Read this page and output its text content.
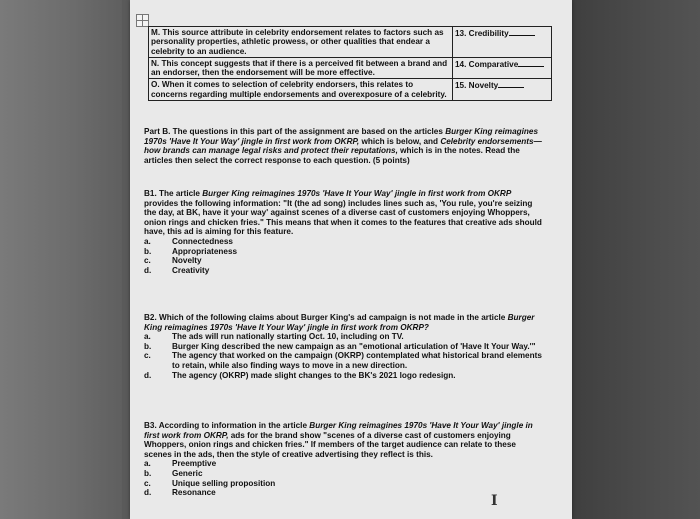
M. This source attribute in celebrity endorsement relates to factors such as personality properties, athletic prowess, or other qualities that endear a celebrity to an audience.	13. Credibility
N. This concept suggests that if there is a perceived fit between a brand and an endorser, then the endorsement will be more effective.	14. Comparative
O. When it comes to selection of celebrity endorsers, this relates to concerns regarding multiple endorsements and overexposure of a celebrity.	15. Novelty

Part B. The questions in this part of the assignment are based on the articles Burger King reimagines 1970s 'Have It Your Way' jingle in first work from OKRP, which is below, and Celebrity endorsements—how brands can manage legal risks and protect their reputations, which is in the notes. Read the articles then select the correct response to each question. (5 points)

B1. The article Burger King reimagines 1970s 'Have It Your Way' jingle in first work from OKRP provides the following information: "It (the ad song) includes lines such as, 'You rule, you're seizing the day, at BK, have it your way' against scenes of a diverse cast of customers enjoying Whoppers, onion rings and chicken fries." This means that when it comes to the features that creative ads should have, this ad is aiming for this feature.

a.	Connectedness
b.	Appropriateness
c.	Novelty
d.	Creativity

B2. Which of the following claims about Burger King's ad campaign is not made in the article Burger King reimagines 1970s 'Have It Your Way' jingle in first work from OKRP?

a.	The ads will run nationally starting Oct. 10, including on TV.
b.	Burger King described the new campaign as an "emotional articulation of 'Have It Your Way.'"
c.	The agency that worked on the campaign (OKRP) contemplated what historical brand elements to retain, while also finding ways to move in a new direction.
d.	The agency (OKRP) made slight changes to the BK's 2021 logo redesign.

B3. According to information in the article Burger King reimagines 1970s 'Have It Your Way' jingle in first work from OKRP, ads for the brand show "scenes of a diverse cast of customers enjoying Whoppers, onion rings and chicken fries." If members of the target audience can relate to these scenes in the ads, then the style of creative advertising they reflect is this.

a.	Preemptive
b.	Generic
c.	Unique selling proposition
d.	Resonance
I
